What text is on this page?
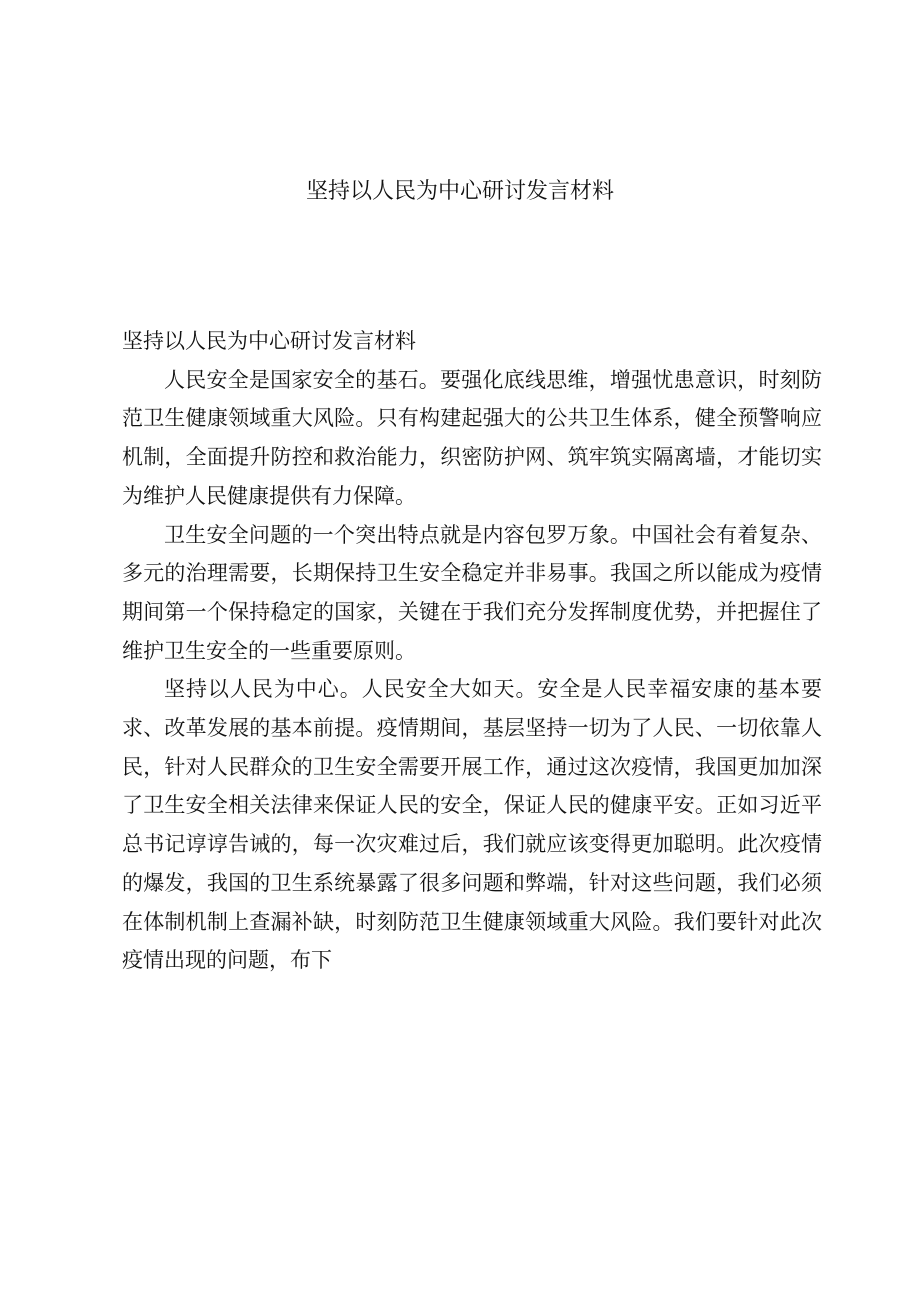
坚持以人民为中心研讨发言材料

坚持以人民为中心研讨发言材料

人民安全是国家安全的基石。要强化底线思维，增强忧患意识，时刻防范卫生健康领域重大风险。只有构建起强大的公共卫生体系，健全预警响应机制，全面提升防控和救治能力，织密防护网、筑牢筑实隔离墙，才能切实为维护人民健康提供有力保障。

卫生安全问题的一个突出特点就是内容包罗万象。中国社会有着复杂、多元的治理需要，长期保持卫生安全稳定并非易事。我国之所以能成为疫情期间第一个保持稳定的国家，关键在于我们充分发挥制度优势，并把握住了维护卫生安全的一些重要原则。

坚持以人民为中心。人民安全大如天。安全是人民幸福安康的基本要求、改革发展的基本前提。疫情期间，基层坚持一切为了人民、一切依靠人民，针对人民群众的卫生安全需要开展工作，通过这次疫情，我国更加加深了卫生安全相关法律来保证人民的安全，保证人民的健康平安。正如习近平总书记谆谆告诫的，每一次灾难过后，我们就应该变得更加聪明。此次疫情的爆发，我国的卫生系统暴露了很多问题和弊端，针对这些问题，我们必须在体制机制上查漏补缺，时刻防范卫生健康领域重大风险。我们要针对此次疫情出现的问题，布下
